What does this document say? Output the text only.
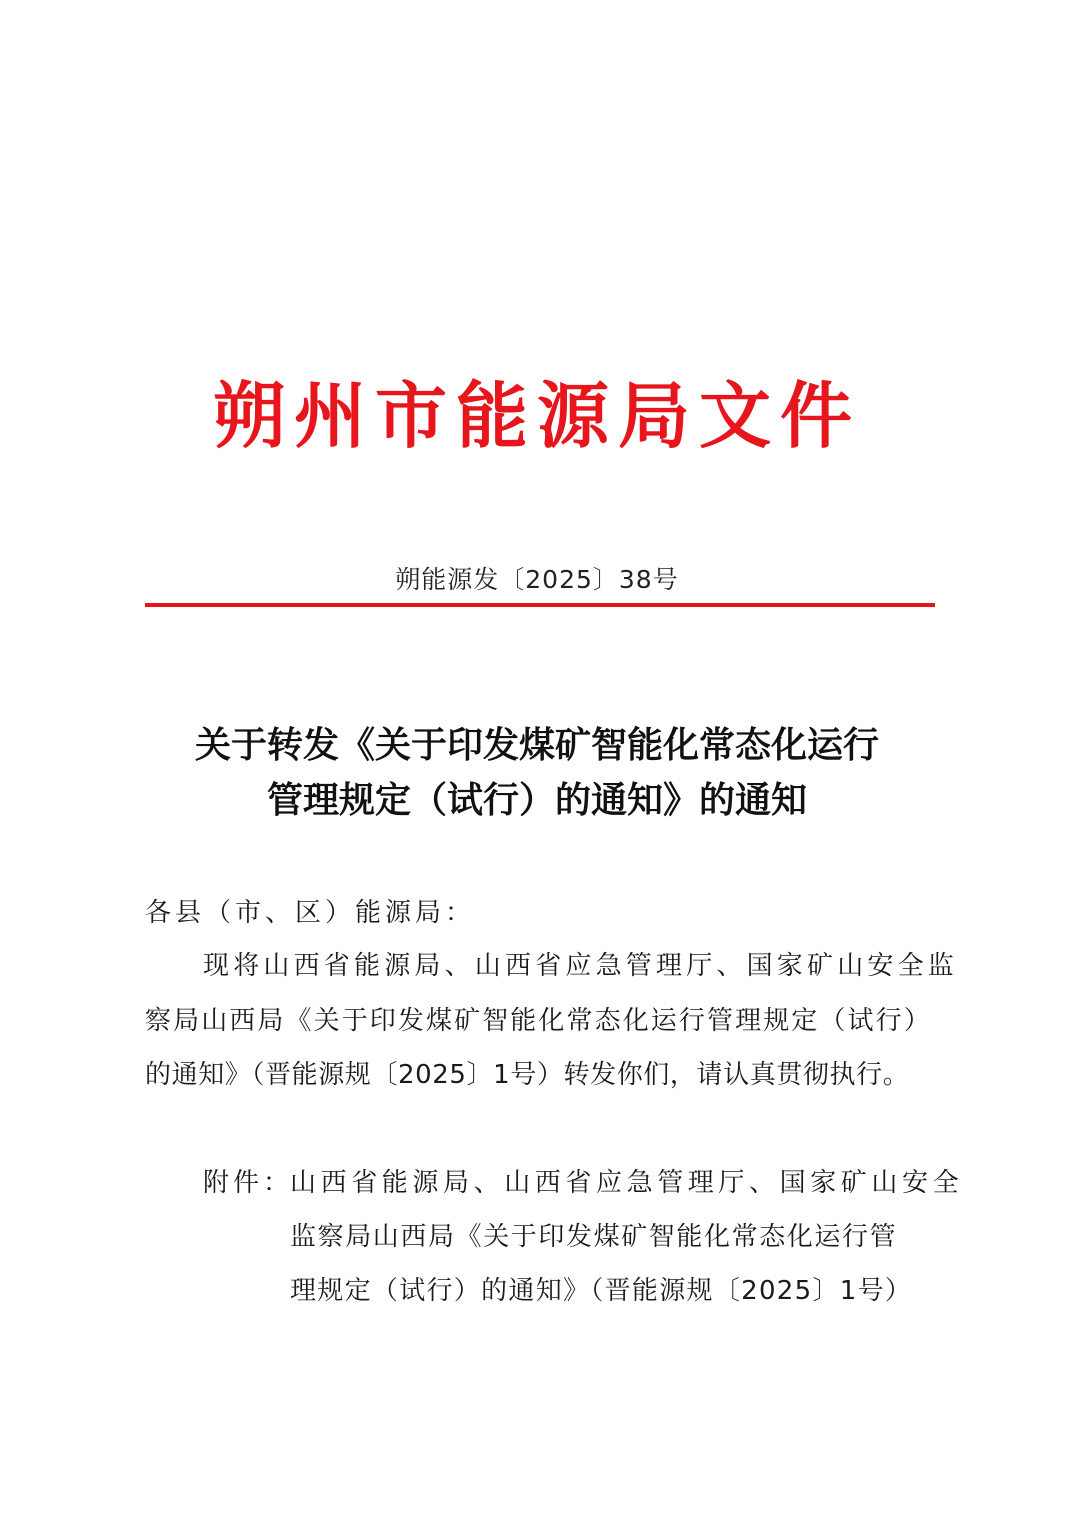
朔州市能源局文件
朔能源发〔2025〕38号
关于转发《关于印发煤矿智能化常态化运行
管理规定（试行）的通知》的通知
各县（市、区）能源局：
现将山西省能源局、山西省应急管理厅、国家矿山安全监
察局山西局《关于印发煤矿智能化常态化运行管理规定（试行）
的通知》（晋能源规〔2025〕1号）转发你们，请认真贯彻执行。
附件：
山西省能源局、山西省应急管理厅、国家矿山安全
监察局山西局《关于印发煤矿智能化常态化运行管
理规定（试行）的通知》（晋能源规〔2025〕1号）
